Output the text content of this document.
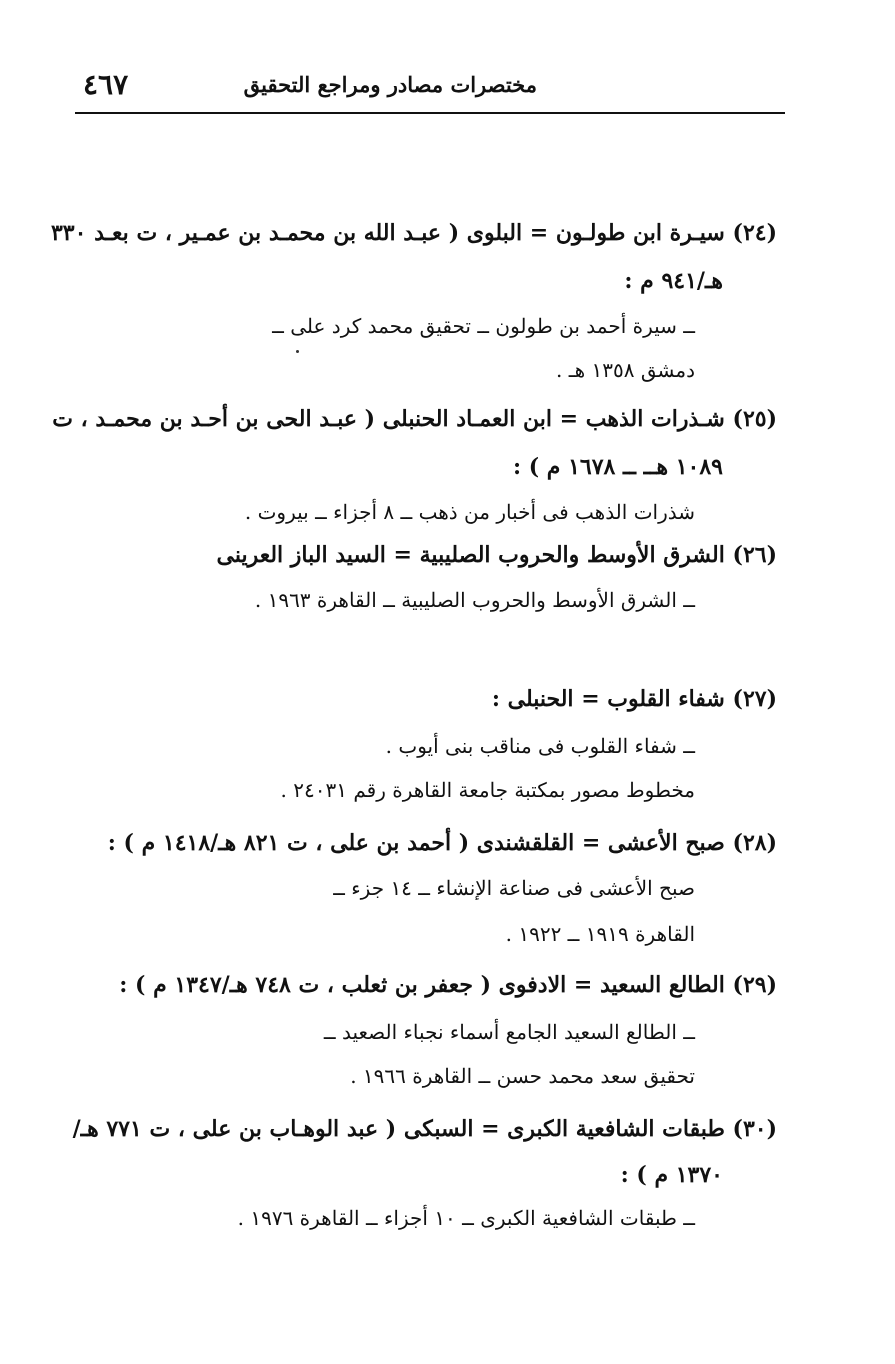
٤٦٧	مختصرات مصادر ومراجع التحقيق
(٢٤) سيـرة ابن طولـون = البلوى ( عبـد الله بن محمـد بن عمـير ، ت بعـد ٣٣٠
هـ/٩٤١ م :
ــ سيرة أحمد بن طولون ــ تحقيق محمد كرد على ــ
دمشق ١٣٥٨ هـ .
(٢٥) شـذرات الذهب = ابن العمـاد الحنبلى ( عبـد الحى بن أحـد بن محمـد ، ت
١٠٨٩ هــ ــ ١٦٧٨ م ) :
شذرات الذهب فى أخبار من ذهب ــ ٨ أجزاء ــ بيروت .
(٢٦) الشرق الأوسط والحروب الصليبية = السيد الباز العرينى
ــ الشرق الأوسط والحروب الصليبية ــ القاهرة ١٩٦٣ .
(٢٧) شفاء القلوب = الحنبلى :
ــ شفاء القلوب فى مناقب بنى أيوب .
مخطوط مصور بمكتبة جامعة القاهرة رقم ٢٤٠٣١ .
(٢٨) صبح الأعشى = القلقشندى ( أحمد بن على ، ت ٨٢١ هـ/١٤١٨ م ) :
صبح الأعشى فى صناعة الإنشاء ــ ١٤ جزء ــ
القاهرة ١٩١٩ ــ ١٩٢٢ .
(٢٩) الطالع السعيد = الادفوى ( جعفر بن ثعلب ، ت ٧٤٨ هـ/١٣٤٧ م ) :
ــ الطالع السعيد الجامع أسماء نجباء الصعيد ــ
تحقيق سعد محمد حسن ــ القاهرة ١٩٦٦ .
(٣٠) طبقات الشافعية الكبرى = السبكى ( عبد الوهـاب بن على ، ت ٧٧١ هـ/
١٣٧٠ م ) :
ــ طبقات الشافعية الكبرى ــ ١٠ أجزاء ــ القاهرة ١٩٧٦ .
